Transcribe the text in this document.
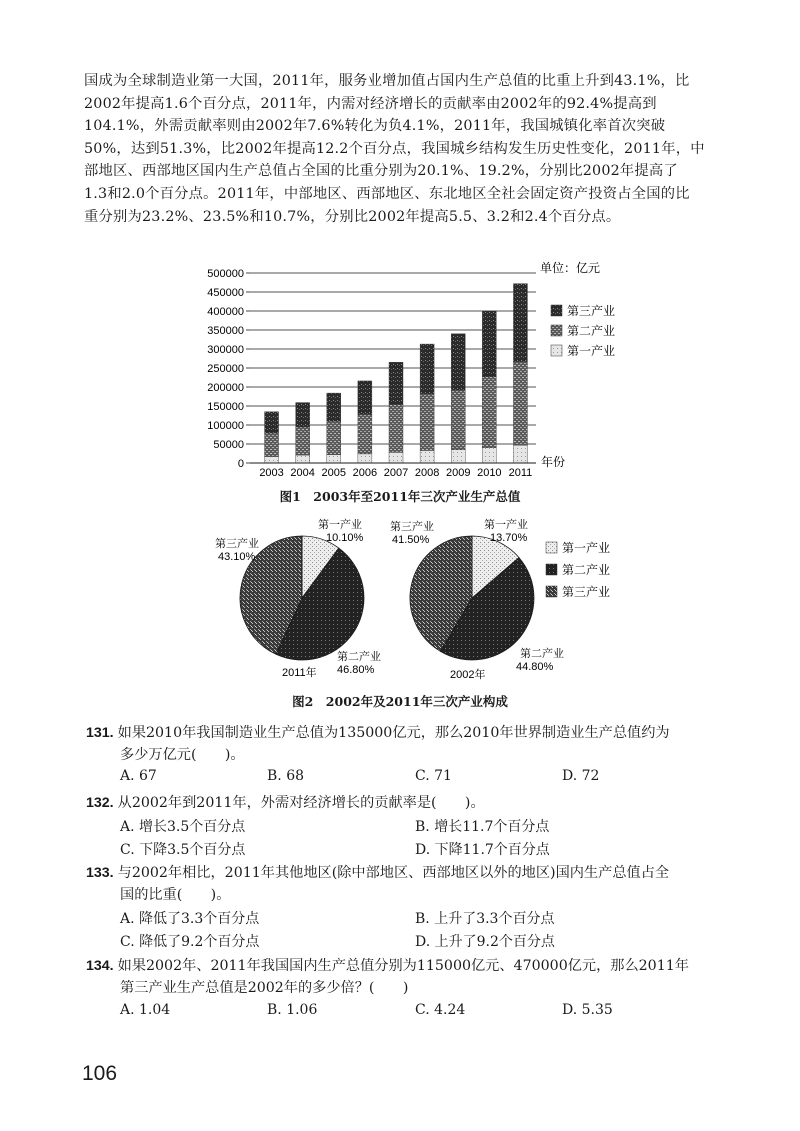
国成为全球制造业第一大国，2011年，服务业增加值占国内生产总值的比重上升到43.1%，比
2002年提高1.6个百分点，2011年，内需对经济增长的贡献率由2002年的92.4%提高到
104.1%，外需贡献率则由2002年7.6%转化为负4.1%，2011年，我国城镇化率首次突破
50%，达到51.3%，比2002年提高12.2个百分点，我国城乡结构发生历史性变化，2011年，中
部地区、西部地区国内生产总值占全国的比重分别为20.1%、19.2%，分别比2002年提高了
1.3和2.0个百分点。2011年，中部地区、西部地区、东北地区全社会固定资产投资占全国的比
重分别为23.2%、23.5%和10.7%，分别比2002年提高5.5、3.2和2.4个百分点。
0
50000
100000
150000
200000
250000
300000
350000
400000
450000
500000
2003 2004 2005 2006 2007 2008 2009 2010 2011
年份
单位：亿元
第三产业
第二产业
第一产业
图1　2003年至2011年三次产业生产总值
第一产业
10.10%
第三产业
43.10%
第二产业
46.80%
2011年
第一产业
13.70%
第三产业
41.50%
第二产业
44.80%
2002年
第一产业
第二产业
第三产业
图2　2002年及2011年三次产业构成
131. 如果2010年我国制造业生产总值为135000亿元，那么2010年世界制造业生产总值约为
多少万亿元(　　)。
A. 67	B. 68	C. 71	D. 72
132. 从2002年到2011年，外需对经济增长的贡献率是(　　)。
A. 增长3.5个百分点	B. 增长11.7个百分点
C. 下降3.5个百分点	D. 下降11.7个百分点
133. 与2002年相比，2011年其他地区(除中部地区、西部地区以外的地区)国内生产总值占全
国的比重(　　)。
A. 降低了3.3个百分点	B. 上升了3.3个百分点
C. 降低了9.2个百分点	D. 上升了9.2个百分点
134. 如果2002年、2011年我国国内生产总值分别为115000亿元、470000亿元，那么2011年
第三产业生产总值是2002年的多少倍？(　　)
A. 1.04	B. 1.06	C. 4.24	D. 5.35
106
